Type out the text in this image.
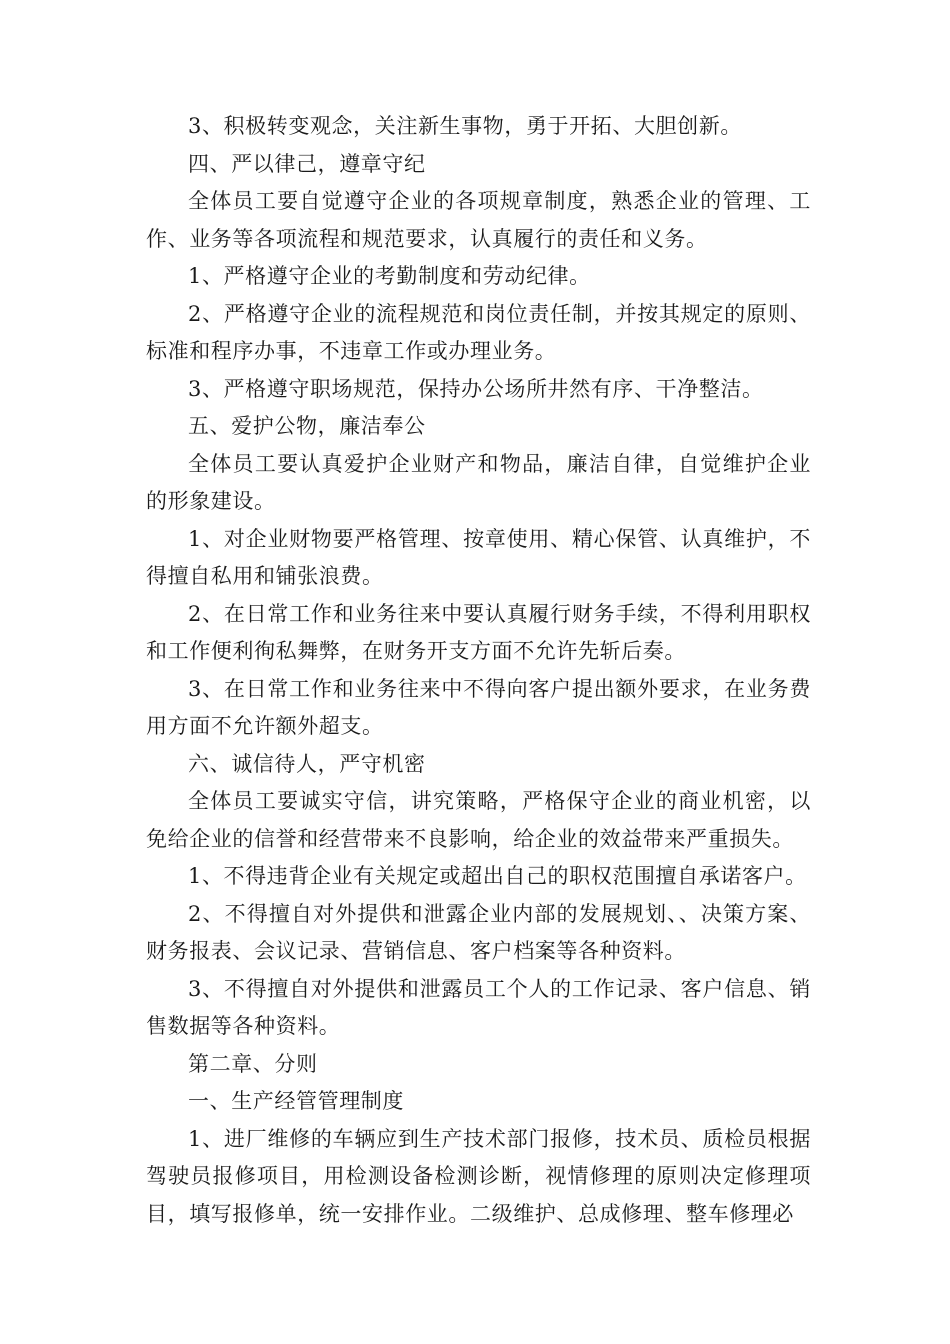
3、积极转变观念，关注新生事物，勇于开拓、大胆创新。

四、严以律己，遵章守纪

全体员工要自觉遵守企业的各项规章制度，熟悉企业的管理、工作、业务等各项流程和规范要求，认真履行的责任和义务。

1、严格遵守企业的考勤制度和劳动纪律。

2、严格遵守企业的流程规范和岗位责任制，并按其规定的原则、标准和程序办事，不违章工作或办理业务。

3、严格遵守职场规范，保持办公场所井然有序、干净整洁。

五、爱护公物，廉洁奉公

全体员工要认真爱护企业财产和物品，廉洁自律，自觉维护企业的形象建设。

1、对企业财物要严格管理、按章使用、精心保管、认真维护，不得擅自私用和铺张浪费。

2、在日常工作和业务往来中要认真履行财务手续，不得利用职权和工作便利徇私舞弊，在财务开支方面不允许先斩后奏。

3、在日常工作和业务往来中不得向客户提出额外要求，在业务费用方面不允许额外超支。

六、诚信待人，严守机密

全体员工要诚实守信，讲究策略，严格保守企业的商业机密，以免给企业的信誉和经营带来不良影响，给企业的效益带来严重损失。

1、不得违背企业有关规定或超出自己的职权范围擅自承诺客户。

2、不得擅自对外提供和泄露企业内部的发展规划、、决策方案、财务报表、会议记录、营销信息、客户档案等各种资料。

3、不得擅自对外提供和泄露员工个人的工作记录、客户信息、销售数据等各种资料。

第二章、分则

一、生产经管管理制度

1、进厂维修的车辆应到生产技术部门报修，技术员、质检员根据驾驶员报修项目，用检测设备检测诊断，视情修理的原则决定修理项目，填写报修单，统一安排作业。二级维护、总成修理、整车修理必
